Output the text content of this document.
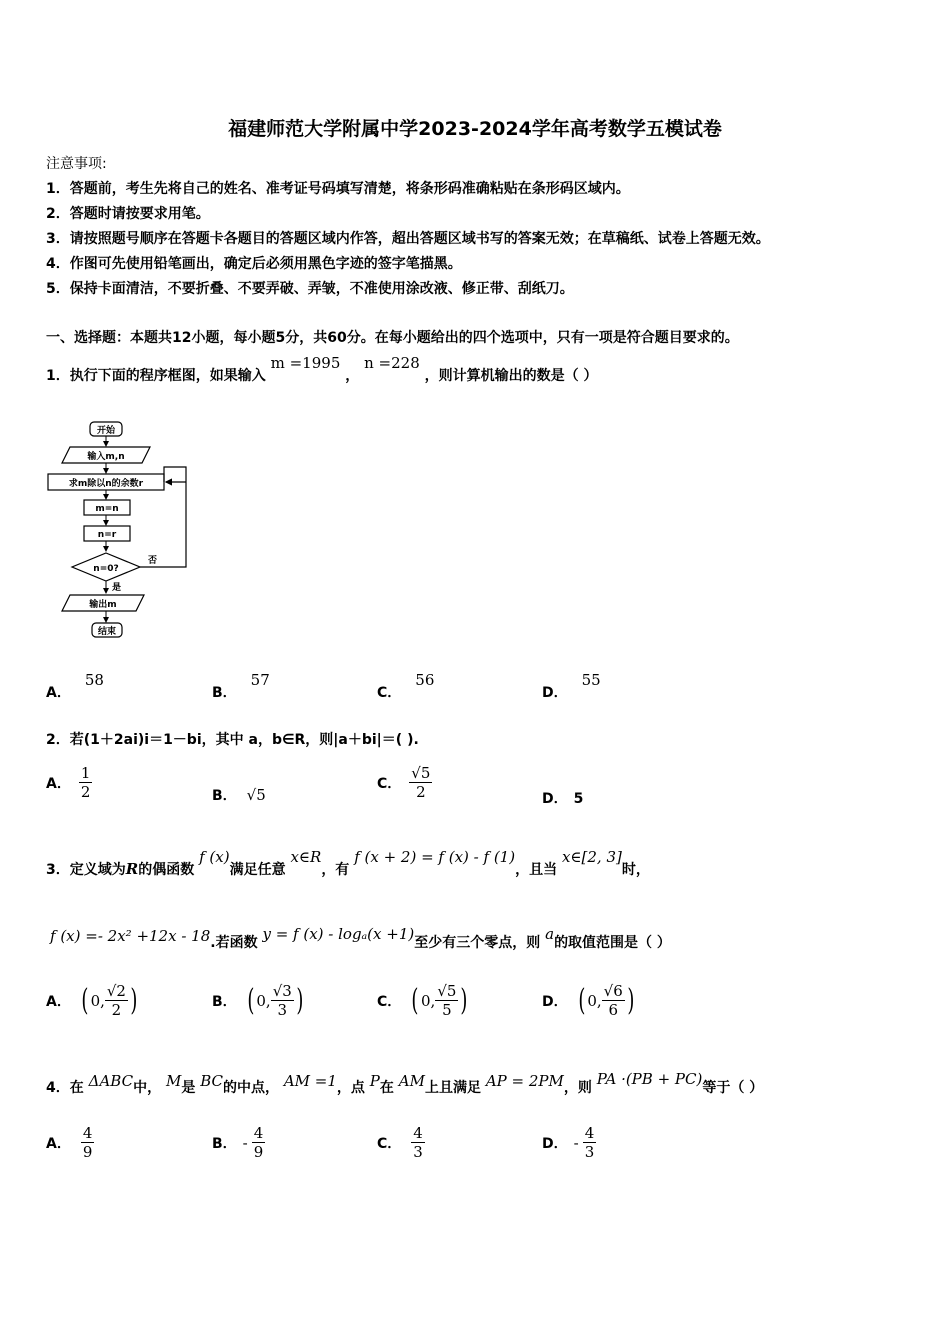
福建师范大学附属中学2023-2024学年高考数学五模试卷
注意事项:
1．答题前，考生先将自己的姓名、准考证号码填写清楚，将条形码准确粘贴在条形码区域内。
2．答题时请按要求用笔。
3．请按照题号顺序在答题卡各题目的答题区域内作答，超出答题区域书写的答案无效；在草稿纸、试卷上答题无效。
4．作图可先使用铅笔画出，确定后必须用黑色字迹的签字笔描黑。
5．保持卡面清洁，不要折叠、不要弄破、弄皱，不准使用涂改液、修正带、刮纸刀。
一、选择题：本题共12小题，每小题5分，共60分。在每小题给出的四个选项中，只有一项是符合题目要求的。
1．执行下面的程序框图，如果输入 m =1995 ， n =228 ，则计算机输出的数是（ ）
开始
输入m,n
求m除以n的余数r
m=n
n=r
n=0?
否
是
输出m
结束
A．58
B．57
C．56
D．55
2．若(1＋2ai)i＝1－bi，其中 a，b∈R，则|a＋bi|＝( ).
A． $\frac{1}{2}$	B． √5
C． $\frac{√5}{2}$	D． 5
3．定义域为R的偶函数 f (x)满足任意 x∈R，有 f (x + 2) = f (x) - f (1)，且当 x∈[2, 3]时，
f (x) =- 2x² +12x - 18.若函数 y = f (x) - logₐ(x +1)至少有三个零点，则 a的取值范围是（ ）
A． ( 0, $\frac{√2}{2}$ )	B． ( 0, $\frac{√3}{3}$ )	C． ( 0, $\frac{√5}{5}$ )	D． ( 0, $\frac{√6}{6}$ )
4．在 ΔABC中， M是 BC的中点， AM =1，点 P在 AM上且满足 AP = 2PM，则 PA ·(PB + PC)等于（ ）
A． $\frac{4}{9}$	B． - $\frac{4}{9}$	C． $\frac{4}{3}$	D． - $\frac{4}{3}$
